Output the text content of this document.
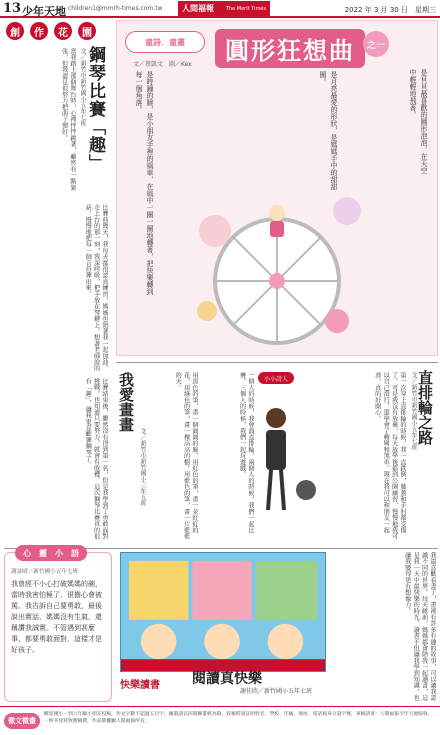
13 少年天地 children1@mmrh-times.com.tw 人間福報 The Merit Times	2022 年 3 月 30 日　星期三
創	作	花	園
鋼琴比賽「趣」
文／新竹市新竹國小五年七班
當我踏上那個舞台時，心裡怦怦跳著，雖然有一點緊張，但我還是很努力把曲子彈好。
比賽前幾天，我每天都很認真練習，媽媽也陪著我一起加油。走上台的那一刻，我深呼吸，把手放在琴鍵上，想著老師說的話，慢慢地把每一個音符彈出來。
比賽結束後，雖然沒有得到第一名，但是我學到了勇敢面對挑戰，也知道只要努力，就會有收穫。這次鋼琴比賽真的很有「趣」，讓我更喜歡彈鋼琴了。
童詩．童畫	圓形狂想曲	之一
文／蔡凱文　圖／Kex
是貝貝最喜歡的圓形泡泡，在天空中輕輕地飛著。
是月亮最愛的形狀，是媽媽手中的甜甜圈。
是時鐘的臉，是小朋友手裡的風車，在風中一圈一圈地轉著，把快樂轉到每一個角落。
直排輪之路
文／新竹市新竹國小五年七班
第一次穿上直排輪的時候，我一直跌倒，膝蓋和手肘都受傷了。可是我沒有放棄，每天放學後都到公園練習，慢慢地我可以自己滑行，還學會了轉彎和煞車。現在我可以和朋友一起滑，真的好開心。
小小詩人
一個人的時候，我會溜直排輪。兩個人的時候，我們一起比賽。三個人的時候，我們一起玩遊戲。
我愛畫畫
文／新竹市新竹國小三年五班	用黑色的筆，畫一個圓圓的臉。用紅色的筆，畫一朵紅紅的花。用綠色的筆，畫一棵高高的樹。用藍色的筆，畫一片藍藍的天。
心　靈　小　語
謝詠晴／新竹國小五年七班
我曾經不小心打破媽媽的碗，當時我害怕極了，很擔心會被罵。我告訴自己要勇敢，最後說出實話，媽媽沒有生氣，還稱讚我誠實。不管遇到甚麼事，都要勇敢面對，這樣才是好孩子。
快樂讀書 閱讀真快樂
謝佳欣／新竹國小五年七班	我最喜歡看書了，書裡有許多有趣的故事，可以讓我認識不同的世界。每天睡前，媽媽都會陪我一起讀書，這是我一天中最快樂的時光。讀書不但讓我學到知識，也讓我變得更有想像力。
徵文徵畫
歡迎國小一到六年級小朋友投稿，作文字數不超過五百字，圖畫請以四開圖畫紙為限，投稿時請註明姓名、學校、年級、地址、電話與身分證字號，來稿請寄：人間福報少年天地版收。一經刊登將致贈稿費，作品版權屬人間福報所有。
